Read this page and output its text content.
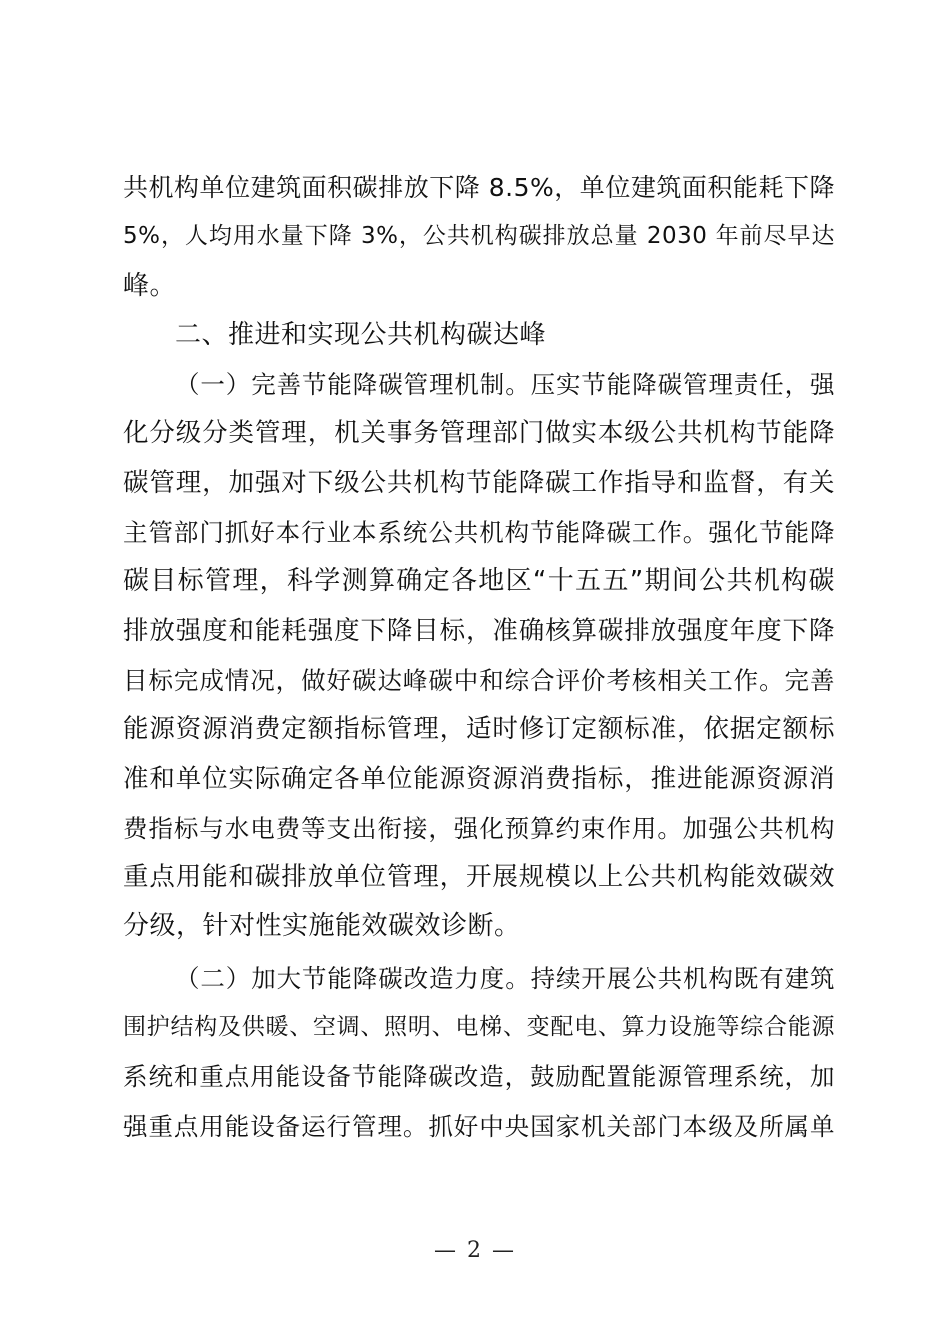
共机构单位建筑面积碳排放下降 8.5%，单位建筑面积能耗下降
5%，人均用水量下降 3%，公共机构碳排放总量 2030 年前尽早达
峰。
二、推进和实现公共机构碳达峰
（一）完善节能降碳管理机制。压实节能降碳管理责任，强
化分级分类管理，机关事务管理部门做实本级公共机构节能降
碳管理，加强对下级公共机构节能降碳工作指导和监督，有关
主管部门抓好本行业本系统公共机构节能降碳工作。强化节能降
碳目标管理，科学测算确定各地区“十五五”期间公共机构碳
排放强度和能耗强度下降目标，准确核算碳排放强度年度下降
目标完成情况，做好碳达峰碳中和综合评价考核相关工作。完善
能源资源消费定额指标管理，适时修订定额标准，依据定额标
准和单位实际确定各单位能源资源消费指标，推进能源资源消
费指标与水电费等支出衔接，强化预算约束作用。加强公共机构
重点用能和碳排放单位管理，开展规模以上公共机构能效碳效
分级，针对性实施能效碳效诊断。
（二）加大节能降碳改造力度。持续开展公共机构既有建筑
围护结构及供暖、空调、照明、电梯、变配电、算力设施等综合能源
系统和重点用能设备节能降碳改造，鼓励配置能源管理系统，加
强重点用能设备运行管理。抓好中央国家机关部门本级及所属单
— 2 —
